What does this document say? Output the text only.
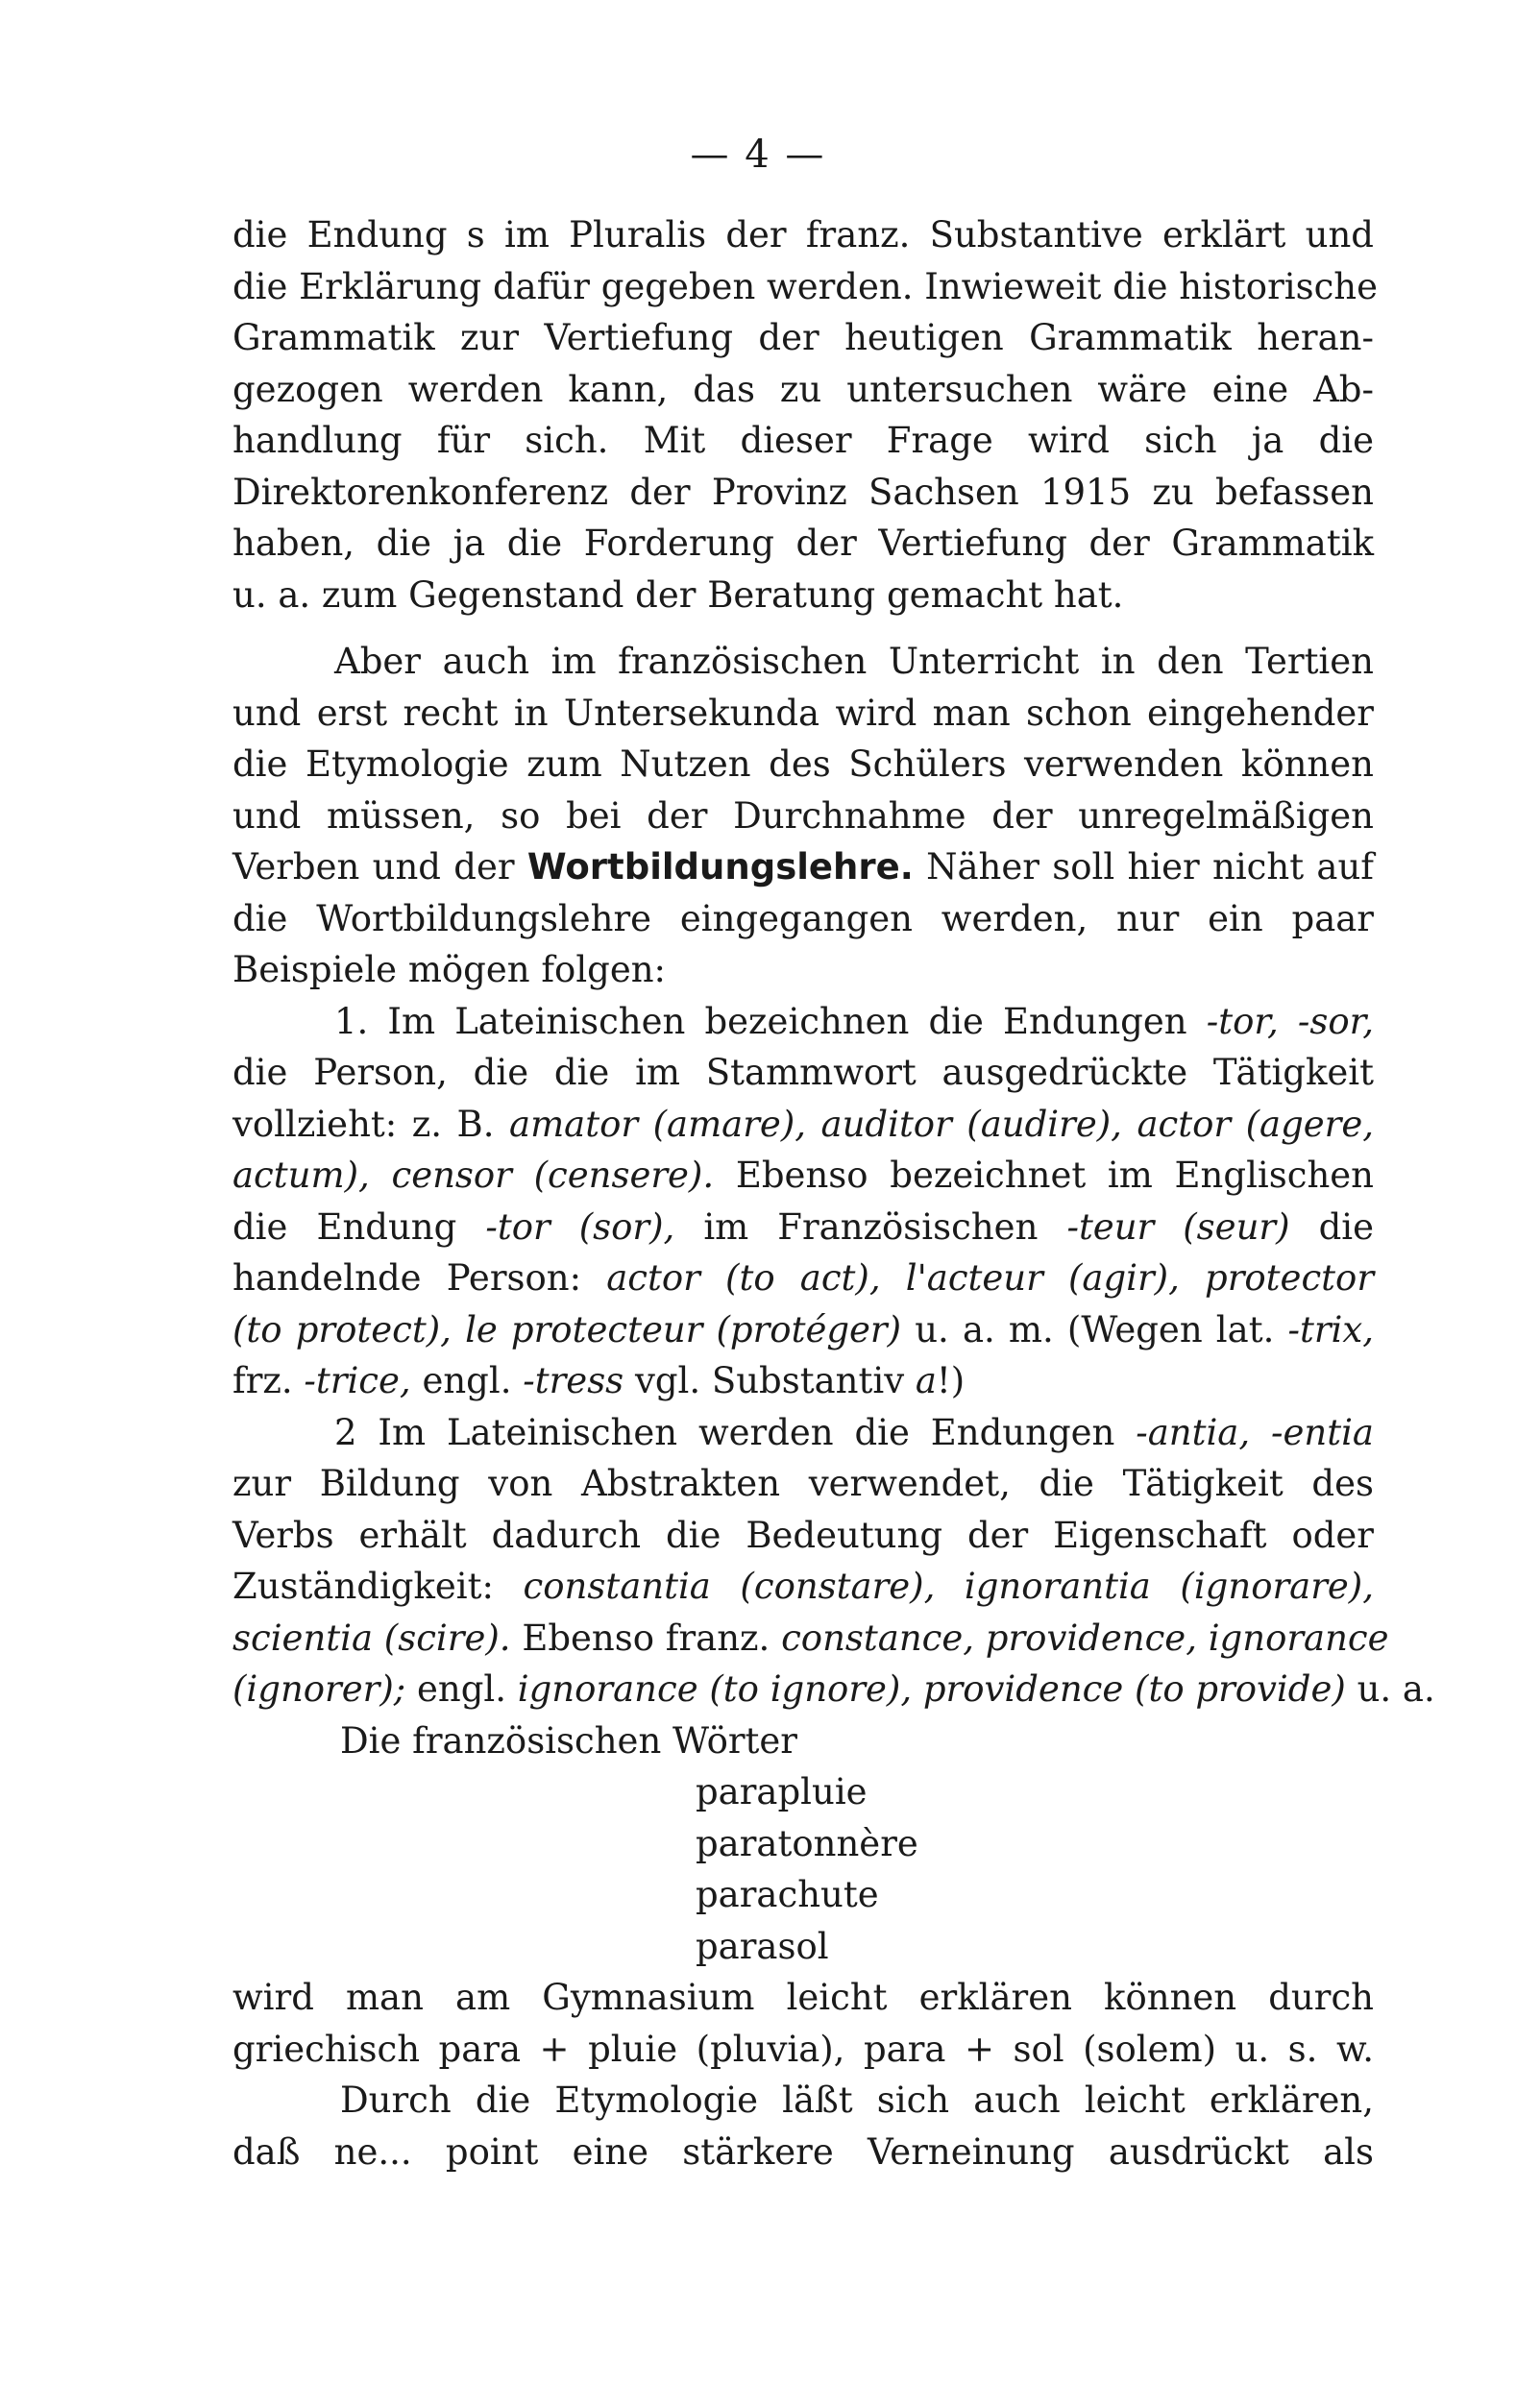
— 4 —
die Endung s im Pluralis der franz. Substantive erklärt und
die Erklärung dafür gegeben werden. Inwieweit die historische
Grammatik zur Vertiefung der heutigen Grammatik heran-
gezogen werden kann, das zu untersuchen wäre eine Ab-
handlung für sich. Mit dieser Frage wird sich ja die
Direktorenkonferenz der Provinz Sachsen 1915 zu befassen
haben, die ja die Forderung der Vertiefung der Grammatik
u. a. zum Gegenstand der Beratung gemacht hat.
Aber auch im französischen Unterricht in den Tertien
und erst recht in Untersekunda wird man schon eingehender
die Etymologie zum Nutzen des Schülers verwenden können
und müssen, so bei der Durchnahme der unregelmäßigen
Verben und der Wortbildungslehre. Näher soll hier nicht auf
die Wortbildungslehre eingegangen werden, nur ein paar
Beispiele mögen folgen:
1. Im Lateinischen bezeichnen die Endungen -tor, -sor,
die Person, die die im Stammwort ausgedrückte Tätigkeit
vollzieht: z. B. amator (amare), auditor (audire), actor (agere,
actum), censor (censere). Ebenso bezeichnet im Englischen
die Endung -tor (sor), im Französischen -teur (seur) die
handelnde Person: actor (to act), l'acteur (agir), protector
(to protect), le protecteur (protéger) u. a. m. (Wegen lat. -trix,
frz. -trice, engl. -tress vgl. Substantiv a!)
2 Im Lateinischen werden die Endungen -antia, -entia
zur Bildung von Abstrakten verwendet, die Tätigkeit des
Verbs erhält dadurch die Bedeutung der Eigenschaft oder
Zuständigkeit: constantia (constare), ignorantia (ignorare),
scientia (scire). Ebenso franz. constance, providence, ignorance
(ignorer); engl. ignorance (to ignore), providence (to provide) u. a.
Die französischen Wörter
parapluie
paratonnère
parachute
parasol
wird man am Gymnasium leicht erklären können durch
griechisch para + pluie (pluvia), para + sol (solem) u. s. w.
Durch die Etymologie läßt sich auch leicht erklären,
daß ne... point eine stärkere Verneinung ausdrückt als
